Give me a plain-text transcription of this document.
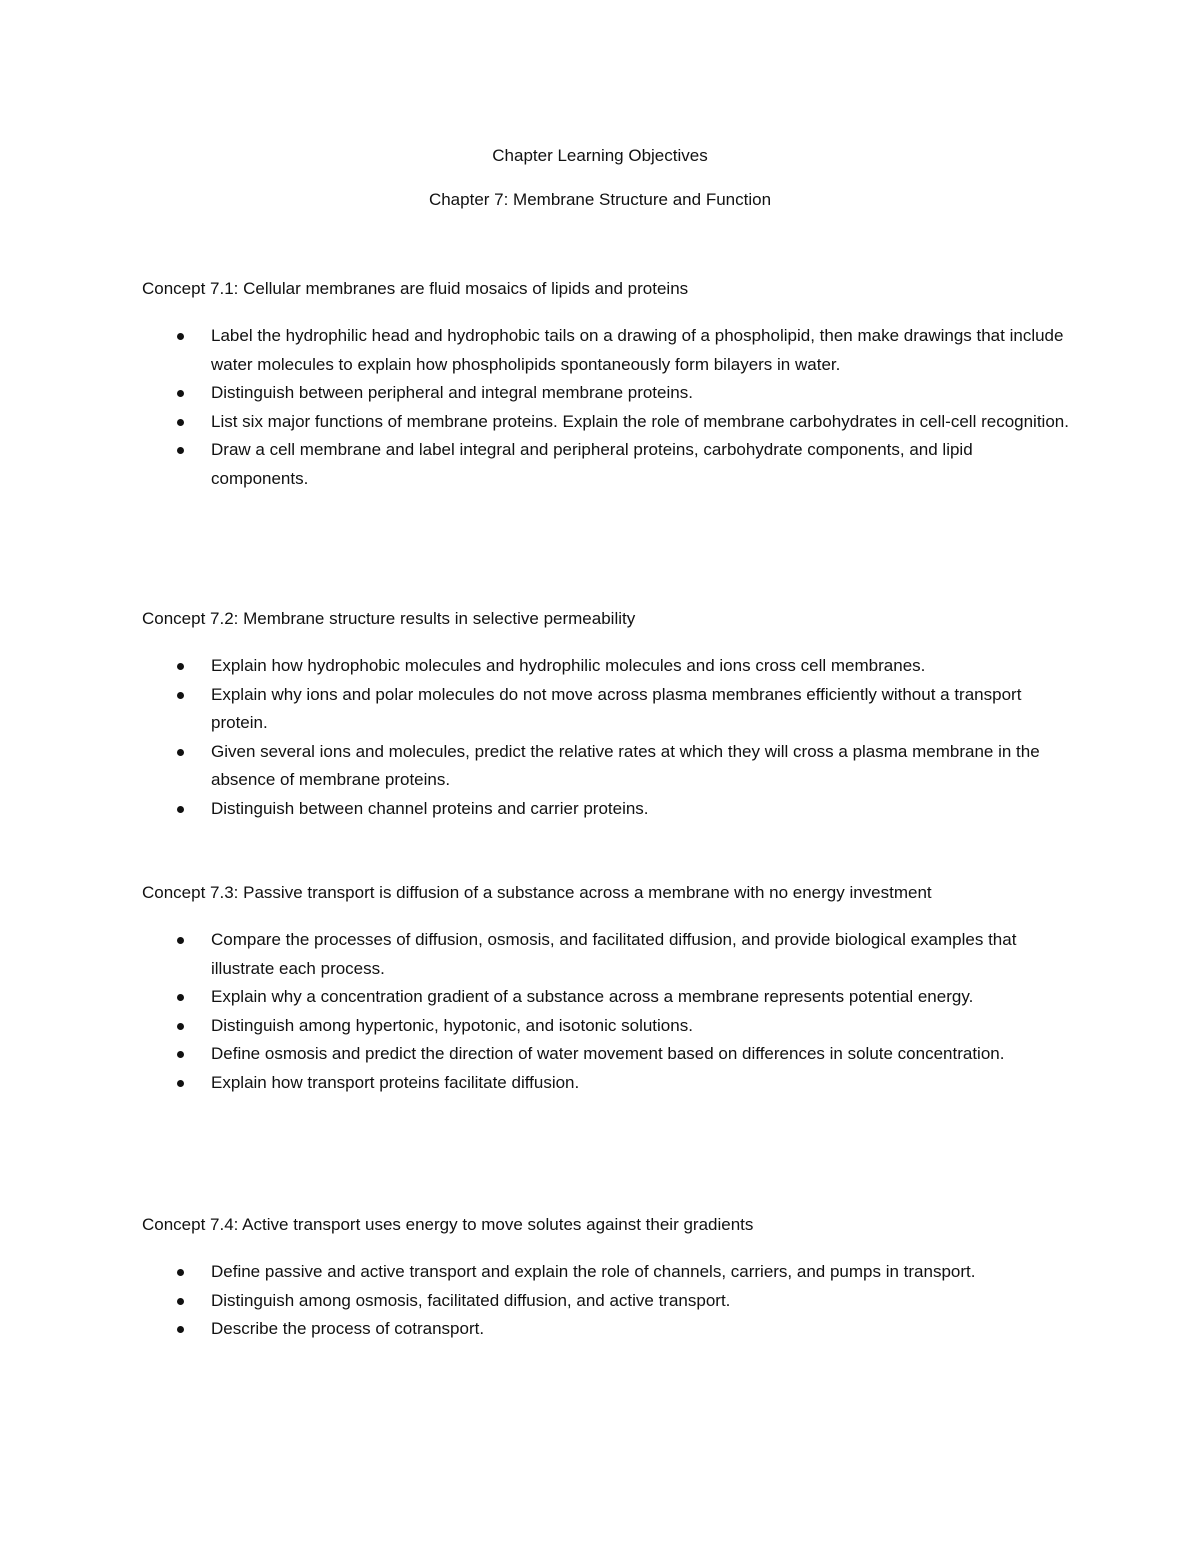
Chapter Learning Objectives
Chapter 7: Membrane Structure and Function
Concept 7.1: Cellular membranes are fluid mosaics of lipids and proteins
Label the hydrophilic head and hydrophobic tails on a drawing of a phospholipid, then make drawings that include water molecules to explain how phospholipids spontaneously form bilayers in water.
Distinguish between peripheral and integral membrane proteins.
List six major functions of membrane proteins. Explain the role of membrane carbohydrates in cell-cell recognition.
Draw a cell membrane and label integral and peripheral proteins, carbohydrate components, and lipid components.
Concept 7.2: Membrane structure results in selective permeability
Explain how hydrophobic molecules and hydrophilic molecules and ions cross cell membranes.
Explain why ions and polar molecules do not move across plasma membranes efficiently without a transport protein.
Given several ions and molecules, predict the relative rates at which they will cross a plasma membrane in the absence of membrane proteins.
Distinguish between channel proteins and carrier proteins.
Concept 7.3: Passive transport is diffusion of a substance across a membrane with no energy investment
Compare the processes of diffusion, osmosis, and facilitated diffusion, and provide biological examples that illustrate each process.
Explain why a concentration gradient of a substance across a membrane represents potential energy.
Distinguish among hypertonic, hypotonic, and isotonic solutions.
Define osmosis and predict the direction of water movement based on differences in solute concentration.
Explain how transport proteins facilitate diffusion.
Concept 7.4: Active transport uses energy to move solutes against their gradients
Define passive and active transport and explain the role of channels, carriers, and pumps in transport.
Distinguish among osmosis, facilitated diffusion, and active transport.
Describe the process of cotransport.
